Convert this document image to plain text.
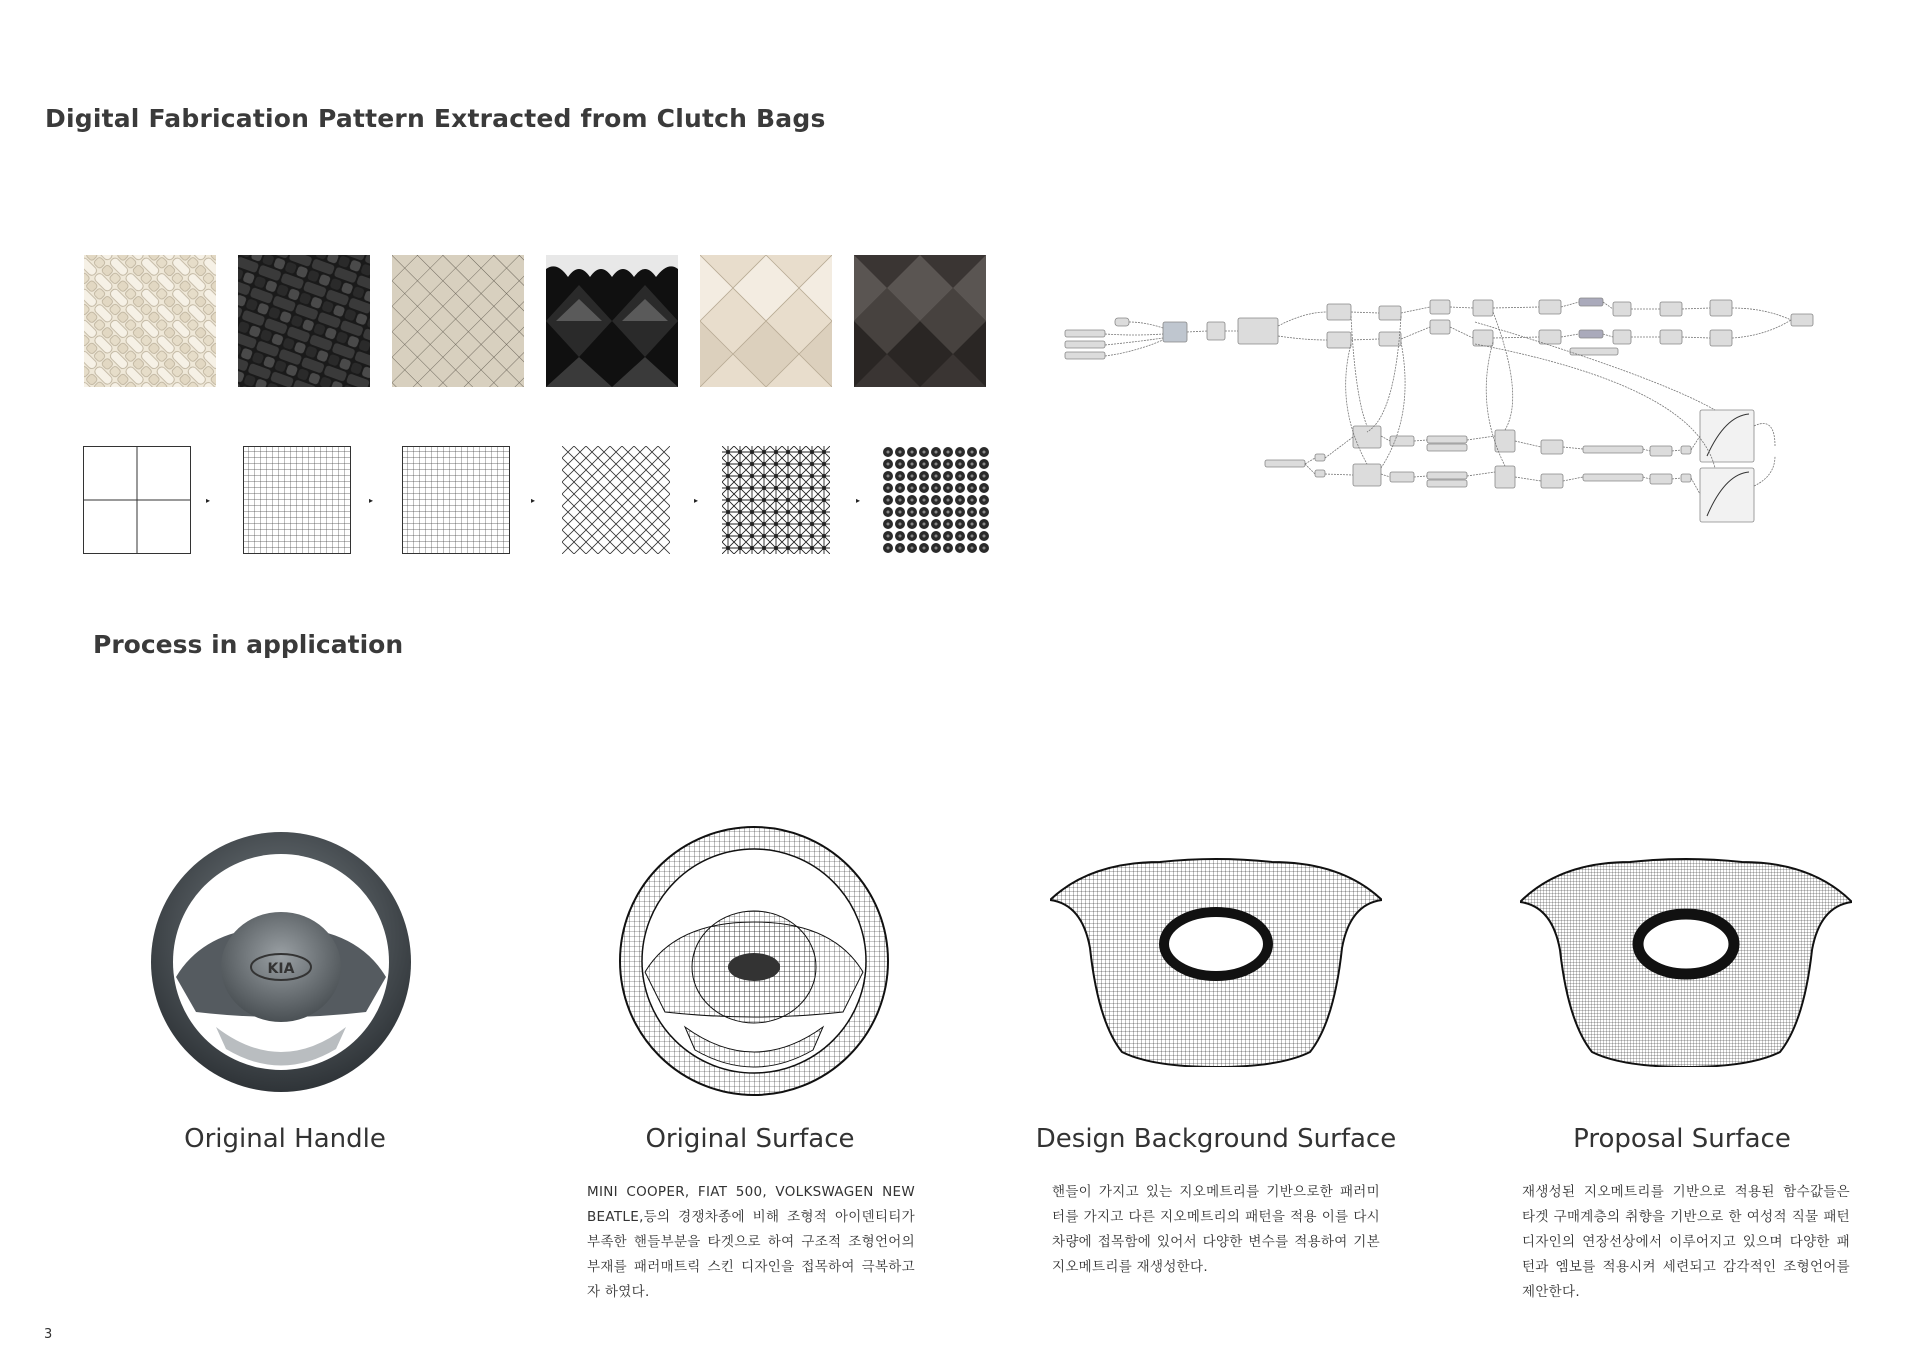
Digital Fabrication Pattern Extracted from Clutch Bags
Process in application
▸	▸	▸	▸	▸
KIA
Original Handle	Original Surface	Design Background Surface	Proposal Surface
MINI COOPER, FIAT 500, VOLKSWAGEN NEW BEATLE,등의 경쟁차종에 비해 조형적 아이덴티티가 부족한 핸들부분을 타겟으로 하여 구조적 조형언어의 부재를 패러매트릭 스킨 디자인을 접목하여 극복하고자 하였다.
핸들이 가지고 있는 지오메트리를 기반으로한 패러미터를 가지고 다른 지오메트리의 패턴을 적용 이를 다시 차량에 접목함에 있어서 다양한 변수를 적용하여 기본 지오메트리를 재생성한다.
재생성된 지오메트리를 기반으로 적용된 함수값들은 타겟 구매계층의 취향을 기반으로 한 여성적 직물 패턴디자인의 연장선상에서 이루어지고 있으며 다양한 패턴과 엠보를 적용시켜 세련되고 감각적인 조형언어를 제안한다.
3
